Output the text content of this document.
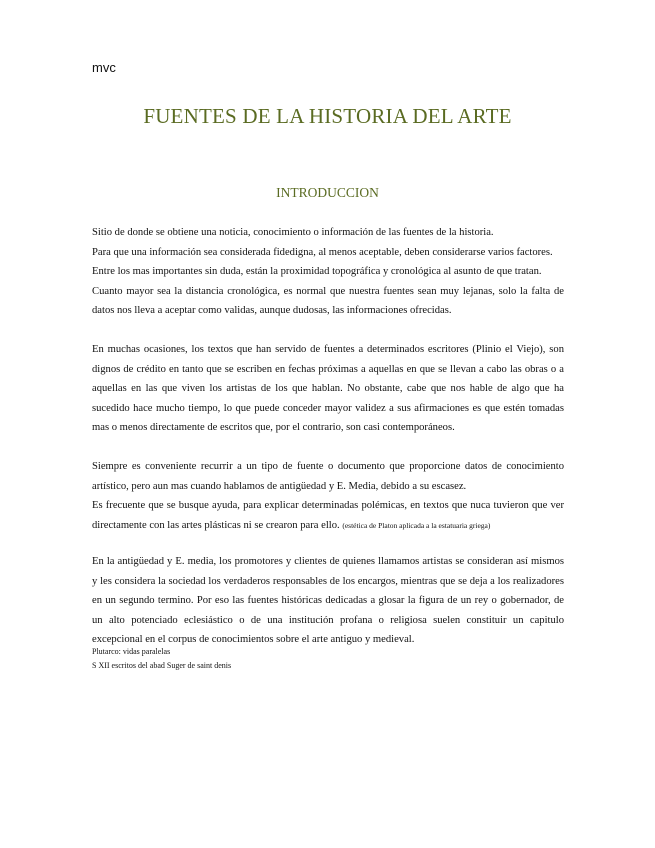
mvc
FUENTES DE LA HISTORIA DEL ARTE
INTRODUCCION

Sitio de donde se obtiene una noticia, conocimiento o información de las fuentes de la historia.

Para que una información sea considerada fidedigna, al menos aceptable, deben considerarse varios factores.

Entre los mas importantes sin duda, están la proximidad topográfica y cronológica al asunto de que tratan.

Cuanto mayor sea la distancia cronológica, es normal que nuestra fuentes sean muy lejanas, solo la falta de datos nos lleva a aceptar como validas, aunque dudosas, las informaciones ofrecidas.

En muchas ocasiones, los textos que han servido de fuentes a determinados escritores (Plinio el Viejo), son dignos de crédito en tanto que se escriben en fechas próximas a aquellas en que se llevan a cabo las obras o a aquellas en las que viven los artistas de los que hablan. No obstante, cabe que nos hable de algo que ha sucedido hace mucho tiempo, lo que puede conceder mayor validez a sus afirmaciones es que estén tomadas mas o menos directamente de escritos que, por el contrario, son casi contemporáneos.

Siempre es conveniente recurrir a un tipo de fuente o documento que proporcione datos de conocimiento artístico, pero aun mas cuando hablamos de antigüedad y E. Media, debido a su escasez.

Es frecuente que se busque ayuda, para explicar determinadas polémicas, en textos que nuca tuvieron que ver directamente con las artes plásticas ni se crearon para ello. (estética de Platon aplicada a la estatuaria griega)

En la antigüedad y E. media, los promotores y clientes de quienes llamamos artistas se consideran así mismos y les considera la sociedad los verdaderos responsables de los encargos, mientras que se deja a los realizadores en un segundo termino. Por eso las fuentes históricas dedicadas a glosar la figura de un rey o gobernador, de un alto potenciado eclesiástico o de una institución profana o religiosa suelen constituir un capitulo excepcional en el corpus de conocimientos sobre el arte antiguo y medieval.

Plutarco: vidas paralelas
S XII escritos del abad Suger de saint denis
